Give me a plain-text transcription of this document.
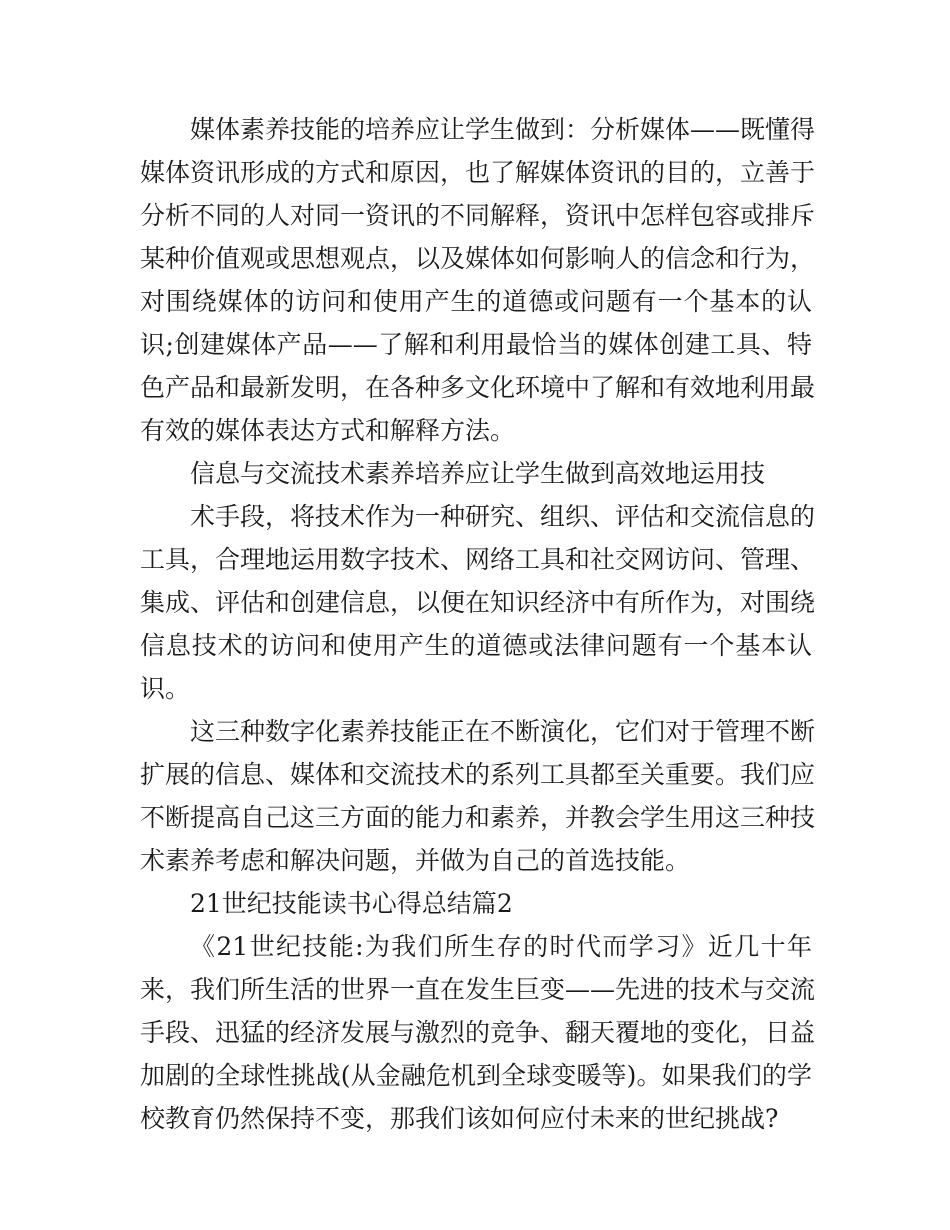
媒体素养技能的培养应让学生做到：分析媒体——既懂得
媒体资讯形成的方式和原因，也了解媒体资讯的目的，立善于
分析不同的人对同一资讯的不同解释，资讯中怎样包容或排斥
某种价值观或思想观点，以及媒体如何影响人的信念和行为，
对围绕媒体的访问和使用产生的道德或问题有一个基本的认
识;创建媒体产品——了解和利用最恰当的媒体创建工具、特
色产品和最新发明，在各种多文化环境中了解和有效地利用最
有效的媒体表达方式和解释方法。
信息与交流技术素养培养应让学生做到高效地运用技
术手段，将技术作为一种研究、组织、评估和交流信息的
工具，合理地运用数字技术、网络工具和社交网访问、管理、
集成、评估和创建信息，以便在知识经济中有所作为，对围绕
信息技术的访问和使用产生的道德或法律问题有一个基本认
识。
这三种数字化素养技能正在不断演化，它们对于管理不断
扩展的信息、媒体和交流技术的系列工具都至关重要。我们应
不断提高自己这三方面的能力和素养，并教会学生用这三种技
术素养考虑和解决问题，并做为自己的首选技能。
21世纪技能读书心得总结篇2
《21世纪技能:为我们所生存的时代而学习》近几十年
来，我们所生活的世界一直在发生巨变——先进的技术与交流
手段、迅猛的经济发展与激烈的竞争、翻天覆地的变化，日益
加剧的全球性挑战(从金融危机到全球变暖等)。如果我们的学
校教育仍然保持不变，那我们该如何应付未来的世纪挑战?
